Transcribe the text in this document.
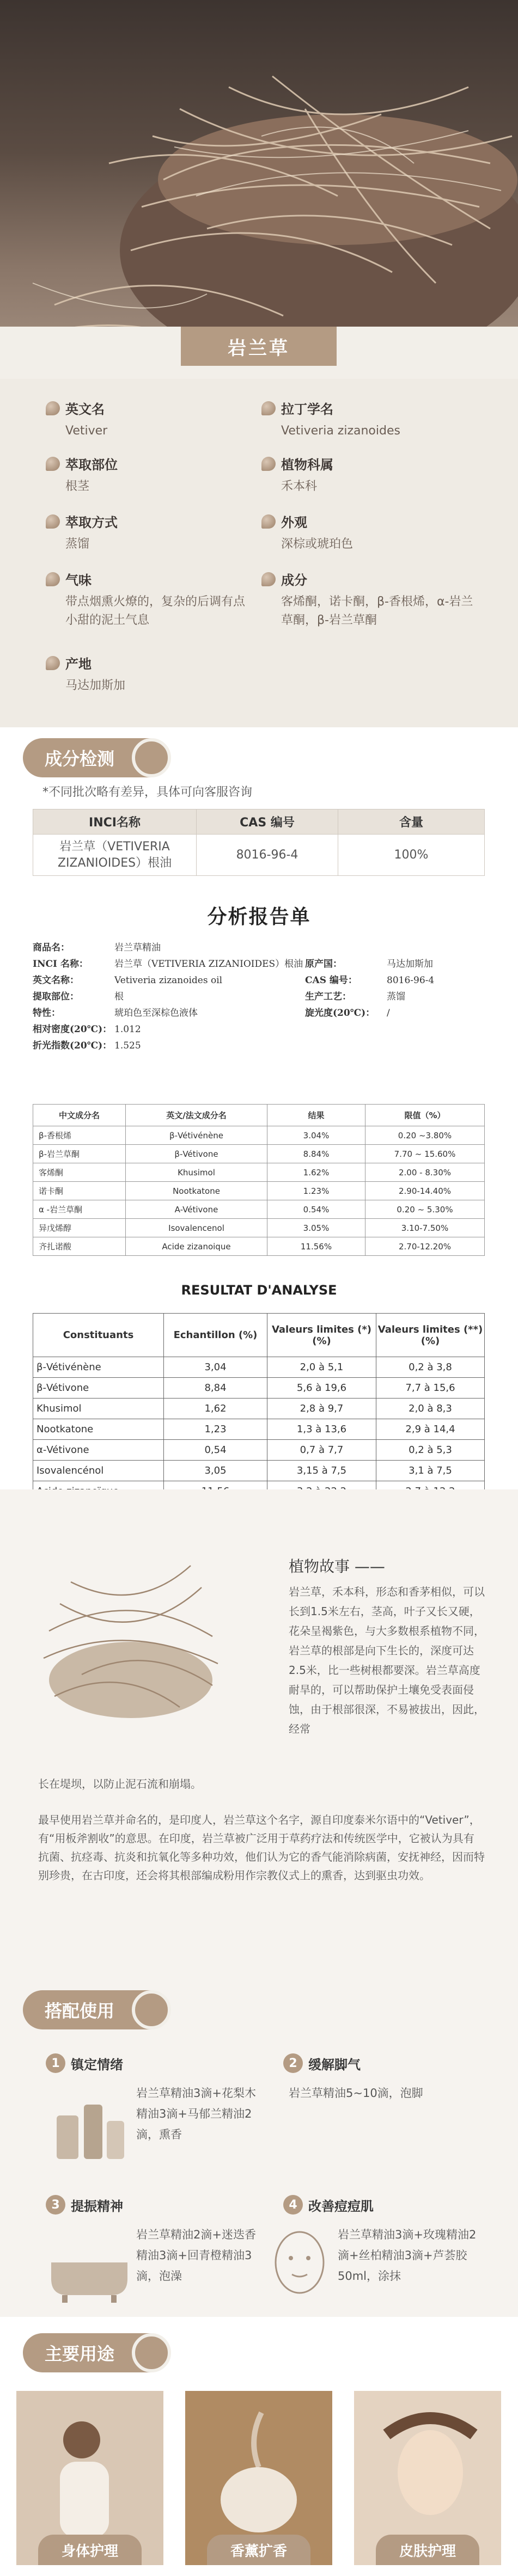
岩兰草
英文名
Vetiver
拉丁学名
Vetiveria zizanoides
萃取部位
根茎
植物科属
禾本科
萃取方式
蒸馏
外观
深棕或琥珀色
气味
带点烟熏火燎的，复杂的后调有点小甜的泥土气息
成分
客烯酮，诺卡酮，β-香根烯，α-岩兰草酮，β-岩兰草酮
产地
马达加斯加
成分检测
*不同批次略有差异，具体可向客服咨询
INCI名称	CAS 编号	含量
岩兰草（VETIVERIA ZIZANIOIDES）根油	8016-96-4	100%
分析报告单
商品名：	岩兰草精油
INCI 名称：	岩兰草（VETIVERIA ZIZANIOIDES）根油
英文名称：	Vetiveria zizanoides oil
提取部位：	根
特性：	琥珀色至深棕色液体
相对密度(20℃)： 1.012
折光指数(20℃)： 1.525
原产国：	马达加斯加
CAS 编号：	8016-96-4
生产工艺：	蒸馏
旋光度(20℃)： /
中文成分名	英文/法文成分名	结果	限值（%）
β-香根烯	β-Vétivénène	3.04%	0.20 ~3.80%
β-岩兰草酮	β-Vétivone	8.84%	7.70 ~ 15.60%
客烯酮	Khusimol	1.62%	2.00 - 8.30%
诺卡酮	Nootkatone	1.23%	2.90-14.40%
α -岩兰草酮	A-Vétivone	0.54%	0.20 ~ 5.30%
异戊烯醇	Isovalencenol	3.05%	3.10-7.50%
齐扎诺酸	Acide zizanoique	11.56%	2.70-12.20%
RESULTAT D'ANALYSE
Constituants	Echantillon (%)	Valeurs limites (*) (%)	Valeurs limites (**) (%)
β-Vétivénène	3,04	2,0 à 5,1	0,2 à 3,8
β-Vétivone	8,84	5,6 à 19,6	7,7 à 15,6
Khusimol	1,62	2,8 à 9,7	2,0 à 8,3
Nootkatone	1,23	1,3 à 13,6	2,9 à 14,4
α-Vétivone	0,54	0,7 à 7,7	0,2 à 5,3
Isovalencénol	3,05	3,15 à 7,5	3,1 à 7,5

植物故事 ——
岩兰草，禾本科，形态和香茅相似，可以长到1.5米左右，茎高，叶子又长又硬，花朵呈褐紫色，与大多数根系植物不同，岩兰草的根部是向下生长的，深度可达2.5米，比一些树根都要深。岩兰草高度耐旱的，可以帮助保护土壤免受表面侵蚀，由于根部很深，不易被拔出，因此，经常
长在堤坝，以防止泥石流和崩塌。
最早使用岩兰草并命名的，是印度人，岩兰草这个名字，源自印度泰米尔语中的“Vetiver”，有“用板斧割收”的意思。在印度，岩兰草被广泛用于草药疗法和传统医学中，它被认为具有抗菌、抗痉毒、抗炎和抗氧化等多种功效，他们认为它的香气能消除病菌，安抚神经，因而特别珍贵，在古印度，还会将其根部编成粉用作宗教仪式上的熏香，达到驱虫功效。
搭配使用
1 镇定情绪
岩兰草精油3滴+花梨木精油3滴+马郁兰精油2滴，熏香
2 缓解脚气
岩兰草精油5~10滴，泡脚
3 提振精神
岩兰草精油2滴+迷迭香精油3滴+回青橙精油3滴，泡澡
4 改善痘痘肌
岩兰草精油3滴+玫瑰精油2滴+丝柏精油3滴+芦荟胶50ml，涂抹
主要用途
身体护理	香薰扩香	皮肤护理
